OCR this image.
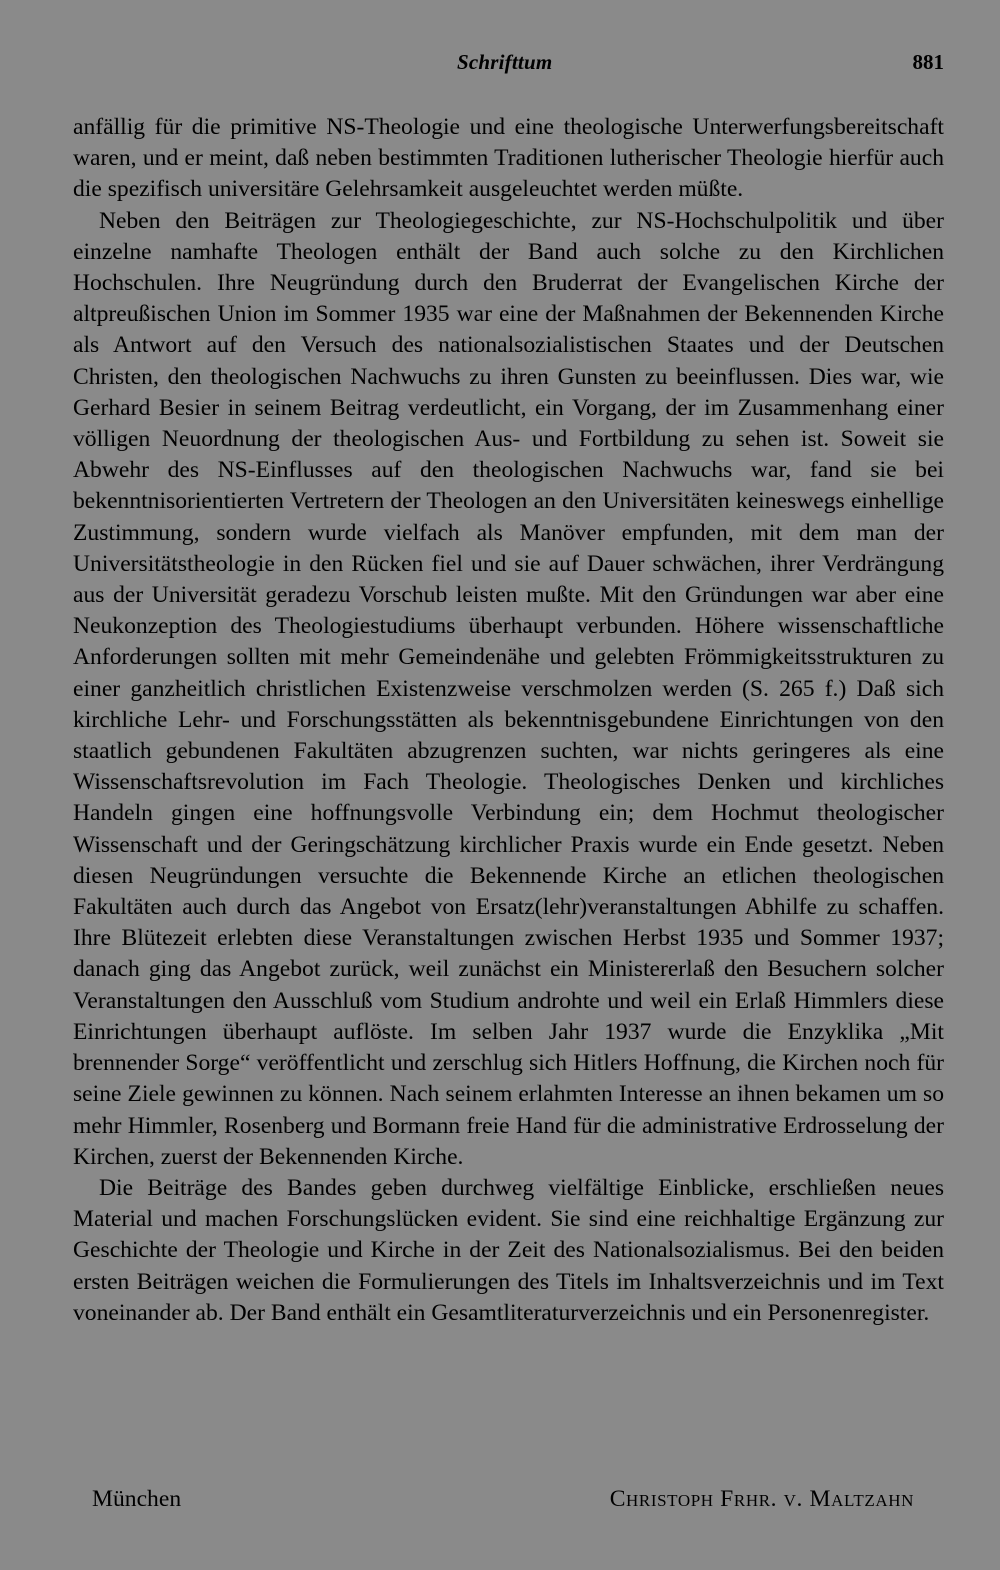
Schrifttum	881

anfällig für die primitive NS-Theologie und eine theologische Unterwerfungsbereitschaft waren, und er meint, daß neben bestimmten Traditionen lutherischer Theologie hierfür auch die spezifisch universitäre Gelehrsamkeit ausgeleuchtet werden müßte.

Neben den Beiträgen zur Theologiegeschichte, zur NS-Hochschulpolitik und über einzelne namhafte Theologen enthält der Band auch solche zu den Kirchlichen Hochschulen. Ihre Neugründung durch den Bruderrat der Evangelischen Kirche der altpreußischen Union im Sommer 1935 war eine der Maßnahmen der Bekennenden Kirche als Antwort auf den Versuch des nationalsozialistischen Staates und der Deutschen Christen, den theologischen Nachwuchs zu ihren Gunsten zu beeinflussen. Dies war, wie Gerhard Besier in seinem Beitrag verdeutlicht, ein Vorgang, der im Zusammenhang einer völligen Neuordnung der theologischen Aus- und Fortbildung zu sehen ist. Soweit sie Abwehr des NS-Einflusses auf den theologischen Nachwuchs war, fand sie bei bekenntnisorientierten Vertretern der Theologen an den Universitäten keineswegs einhellige Zustimmung, sondern wurde vielfach als Manöver empfunden, mit dem man der Universitätstheologie in den Rücken fiel und sie auf Dauer schwächen, ihrer Verdrängung aus der Universität geradezu Vorschub leisten mußte. Mit den Gründungen war aber eine Neukonzeption des Theologiestudiums überhaupt verbunden. Höhere wissenschaftliche Anforderungen sollten mit mehr Gemeindenähe und gelebten Frömmigkeitsstrukturen zu einer ganzheitlich christlichen Existenzweise verschmolzen werden (S. 265 f.) Daß sich kirchliche Lehr- und Forschungsstätten als bekenntnisgebundene Einrichtungen von den staatlich gebundenen Fakultäten abzugrenzen suchten, war nichts geringeres als eine Wissenschaftsrevolution im Fach Theologie. Theologisches Denken und kirchliches Handeln gingen eine hoffnungsvolle Verbindung ein; dem Hochmut theologischer Wissenschaft und der Geringschätzung kirchlicher Praxis wurde ein Ende gesetzt. Neben diesen Neugründungen versuchte die Bekennende Kirche an etlichen theologischen Fakultäten auch durch das Angebot von Ersatz(lehr)veranstaltungen Abhilfe zu schaffen. Ihre Blütezeit erlebten diese Veranstaltungen zwischen Herbst 1935 und Sommer 1937; danach ging das Angebot zurück, weil zunächst ein Ministererlaß den Besuchern solcher Veranstaltungen den Ausschluß vom Studium androhte und weil ein Erlaß Himmlers diese Einrichtungen überhaupt auflöste. Im selben Jahr 1937 wurde die Enzyklika „Mit brennender Sorge“ veröffentlicht und zerschlug sich Hitlers Hoffnung, die Kirchen noch für seine Ziele gewinnen zu können. Nach seinem erlahmten Interesse an ihnen bekamen um so mehr Himmler, Rosenberg und Bormann freie Hand für die administrative Erdrosselung der Kirchen, zuerst der Bekennenden Kirche.

Die Beiträge des Bandes geben durchweg vielfältige Einblicke, erschließen neues Material und machen Forschungslücken evident. Sie sind eine reichhaltige Ergänzung zur Geschichte der Theologie und Kirche in der Zeit des Nationalsozialismus. Bei den beiden ersten Beiträgen weichen die Formulierungen des Titels im Inhaltsverzeichnis und im Text voneinander ab. Der Band enthält ein Gesamtliteraturverzeichnis und ein Personenregister.

München	Christoph Frhr. v. Maltzahn
